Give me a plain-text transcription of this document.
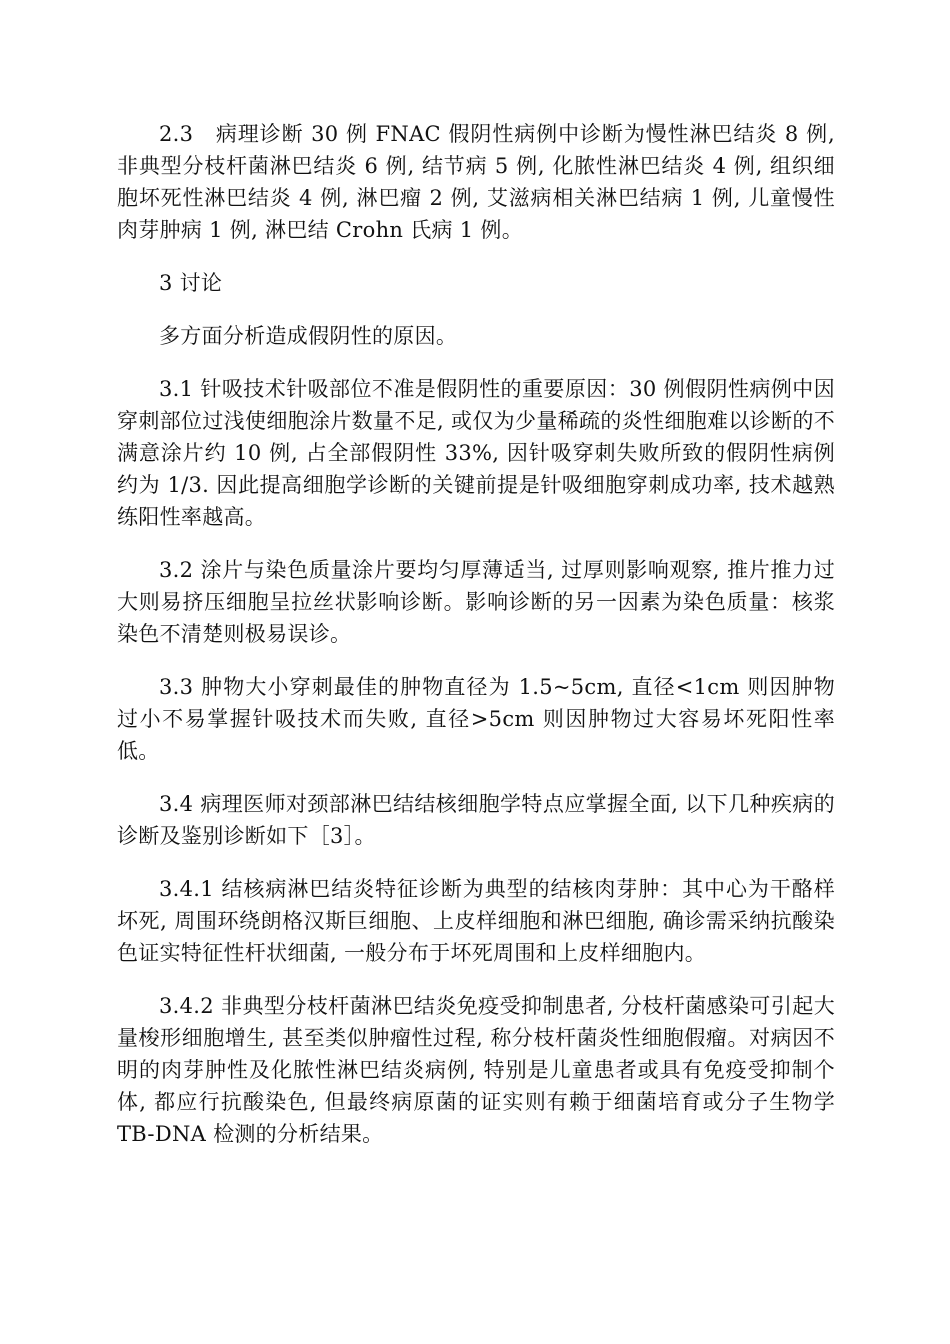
2.3　病理诊断 30 例 FNAC 假阴性病例中诊断为慢性淋巴结炎 8 例, 非典型分枝杆菌淋巴结炎 6 例, 结节病 5 例, 化脓性淋巴结炎 4 例, 组织细胞坏死性淋巴结炎 4 例, 淋巴瘤 2 例, 艾滋病相关淋巴结病 1 例, 儿童慢性肉芽肿病 1 例, 淋巴结 Crohn 氏病 1 例。

3 讨论

多方面分析造成假阴性的原因。

3.1 针吸技术针吸部位不准是假阴性的重要原因：30 例假阴性病例中因穿刺部位过浅使细胞涂片数量不足, 或仅为少量稀疏的炎性细胞难以诊断的不满意涂片约 10 例, 占全部假阴性 33%, 因针吸穿刺失败所致的假阴性病例约为 1/3. 因此提高细胞学诊断的关键前提是针吸细胞穿刺成功率, 技术越熟练阳性率越高。

3.2 涂片与染色质量涂片要均匀厚薄适当, 过厚则影响观察, 推片推力过大则易挤压细胞呈拉丝状影响诊断。影响诊断的另一因素为染色质量：核浆染色不清楚则极易误诊。

3.3 肿物大小穿刺最佳的肿物直径为 1.5~5cm, 直径<1cm 则因肿物过小不易掌握针吸技术而失败, 直径>5cm 则因肿物过大容易坏死阳性率低。

3.4 病理医师对颈部淋巴结结核细胞学特点应掌握全面, 以下几种疾病的诊断及鉴别诊断如下［3］。

3.4.1 结核病淋巴结炎特征诊断为典型的结核肉芽肿：其中心为干酪样坏死, 周围环绕朗格汉斯巨细胞、上皮样细胞和淋巴细胞, 确诊需采纳抗酸染色证实特征性杆状细菌, 一般分布于坏死周围和上皮样细胞内。

3.4.2 非典型分枝杆菌淋巴结炎免疫受抑制患者, 分枝杆菌感染可引起大量梭形细胞增生, 甚至类似肿瘤性过程, 称分枝杆菌炎性细胞假瘤。对病因不明的肉芽肿性及化脓性淋巴结炎病例, 特别是儿童患者或具有免疫受抑制个体, 都应行抗酸染色, 但最终病原菌的证实则有赖于细菌培育或分子生物学 TB-DNA 检测的分析结果。
